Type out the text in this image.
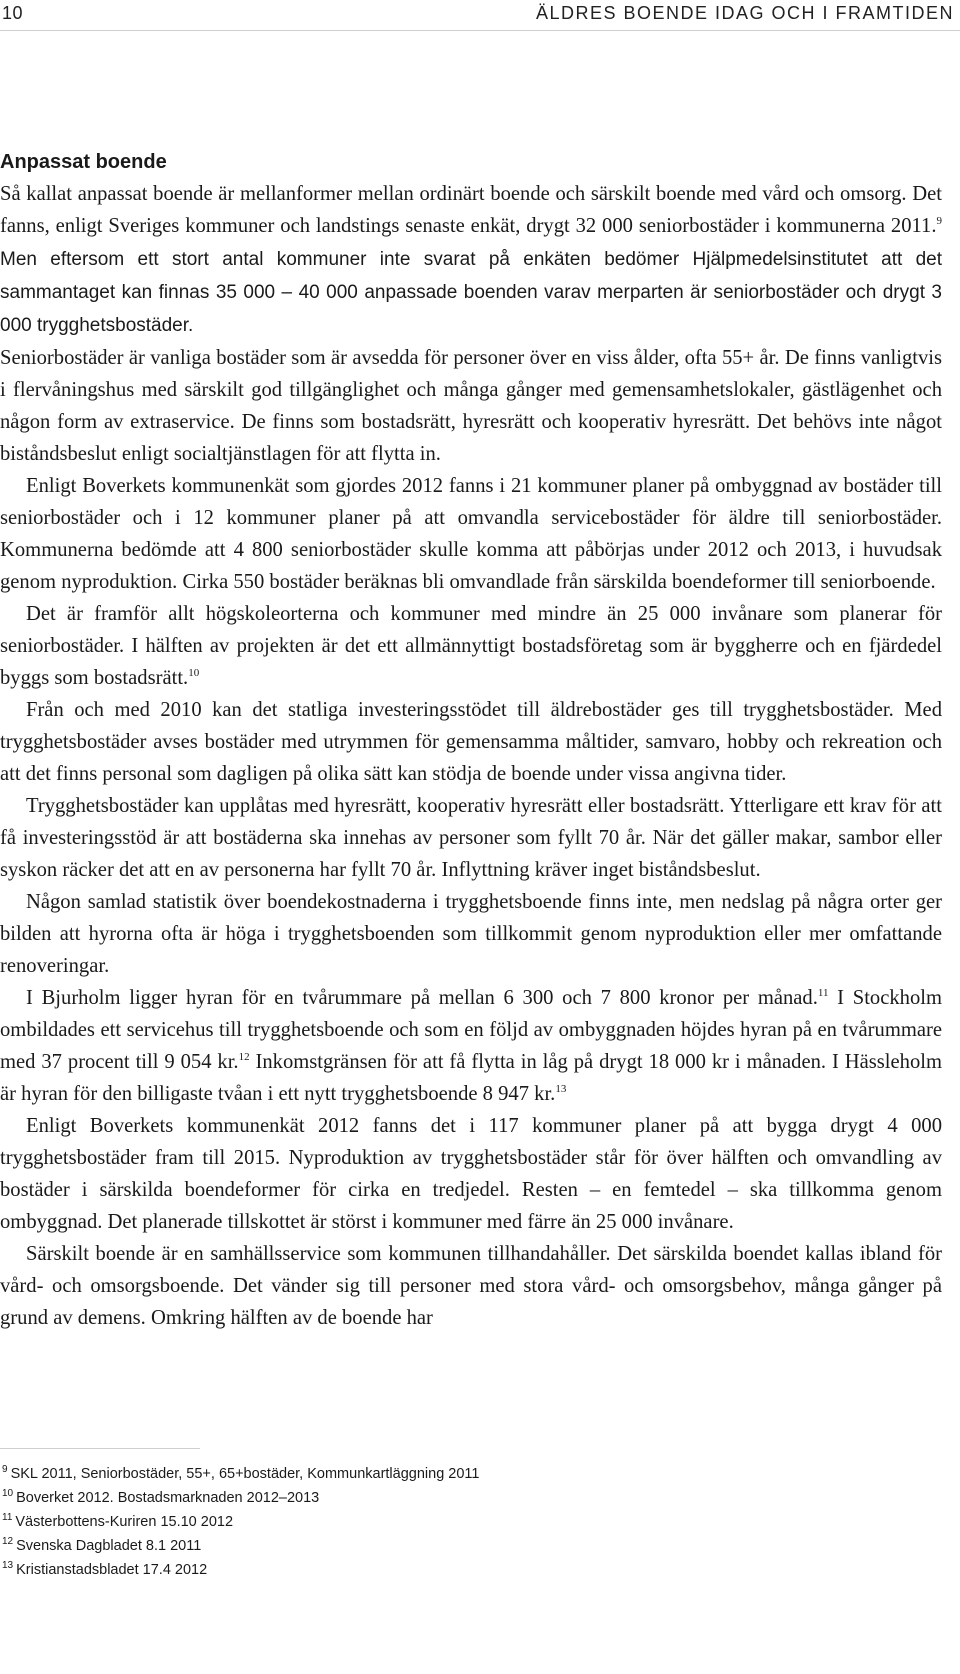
10	ÄLDRES BOENDE IDAG OCH I FRAMTIDEN
Anpassat boende

Så kallat anpassat boende är mellanformer mellan ordinärt boende och särskilt boende med vård och omsorg. Det fanns, enligt Sveriges kommuner och landstings senaste enkät, drygt 32 000 seniorbostäder i kommunerna 2011.$^9$ Men eftersom ett stort antal kommuner inte svarat på enkäten bedömer Hjälpmedelsinstitutet att det sammantaget kan finnas 35 000 – 40 000 anpassade boenden varav merparten är seniorbostäder och drygt 3 000 trygghetsbostäder.

Seniorbostäder är vanliga bostäder som är avsedda för personer över en viss ålder, ofta 55+ år. De finns vanligtvis i flervåningshus med särskilt god tillgänglighet och många gånger med gemensamhetslokaler, gästlägenhet och någon form av extraservice. De finns som bostadsrätt, hyresrätt och kooperativ hyresrätt. Det behövs inte något biståndsbeslut enligt socialtjänstlagen för att flytta in.

Enligt Boverkets kommunenkät som gjordes 2012 fanns i 21 kommuner planer på ombyggnad av bostäder till seniorbostäder och i 12 kommuner planer på att omvandla servicebostäder för äldre till seniorbostäder. Kommunerna bedömde att 4 800 seniorbostäder skulle komma att påbörjas under 2012 och 2013, i huvudsak genom nyproduktion. Cirka 550 bostäder beräknas bli omvandlade från särskilda boendeformer till seniorboende.

Det är framför allt högskoleorterna och kommuner med mindre än 25 000 invånare som planerar för seniorbostäder. I hälften av projekten är det ett allmännyttigt bostadsföretag som är byggherre och en fjärdedel byggs som bostadsrätt.$^{10}$

Från och med 2010 kan det statliga investeringsstödet till äldrebostäder ges till trygghetsbostäder. Med trygghetsbostäder avses bostäder med utrymmen för gemensamma måltider, samvaro, hobby och rekreation och att det finns personal som dagligen på olika sätt kan stödja de boende under vissa angivna tider.

Trygghetsbostäder kan upplåtas med hyresrätt, kooperativ hyresrätt eller bostadsrätt. Ytterligare ett krav för att få investeringsstöd är att bostäderna ska innehas av personer som fyllt 70 år. När det gäller makar, sambor eller syskon räcker det att en av personerna har fyllt 70 år. Inflyttning kräver inget biståndsbeslut.

Någon samlad statistik över boendekostnaderna i trygghetsboende finns inte, men nedslag på några orter ger bilden att hyrorna ofta är höga i trygghetsboenden som tillkommit genom nyproduktion eller mer omfattande renoveringar.

I Bjurholm ligger hyran för en tvårummare på mellan 6 300 och 7 800 kronor per månad.$^{11}$ I Stockholm ombildades ett servicehus till trygghetsboende och som en följd av ombyggnaden höjdes hyran på en tvårummare med 37 procent till 9 054 kr.$^{12}$ Inkomstgränsen för att få flytta in låg på drygt 18 000 kr i månaden. I Hässleholm är hyran för den billigaste tvåan i ett nytt trygghetsboende 8 947 kr.$^{13}$

Enligt Boverkets kommunenkät 2012 fanns det i 117 kommuner planer på att bygga drygt 4 000 trygghetsbostäder fram till 2015. Nyproduktion av trygghetsbostäder står för över hälften och omvandling av bostäder i särskilda boendeformer för cirka en tredjedel. Resten – en femtedel – ska tillkomma genom ombyggnad. Det planerade tillskottet är störst i kommuner med färre än 25 000 invånare.

Särskilt boende är en samhällsservice som kommunen tillhandahåller. Det särskilda boendet kallas ibland för vård- och omsorgsboende. Det vänder sig till personer med stora vård- och omsorgsbehov, många gånger på grund av demens. Omkring hälften av de boende har

$^9$ SKL 2011, Seniorbostäder, 55+, 65+bostäder, Kommunkartläggning 2011
$^{10}$ Boverket 2012. Bostadsmarknaden 2012–2013
$^{11}$ Västerbottens-Kuriren 15.10 2012
$^{12}$ Svenska Dagbladet 8.1 2011
$^{13}$ Kristianstadsbladet 17.4 2012
